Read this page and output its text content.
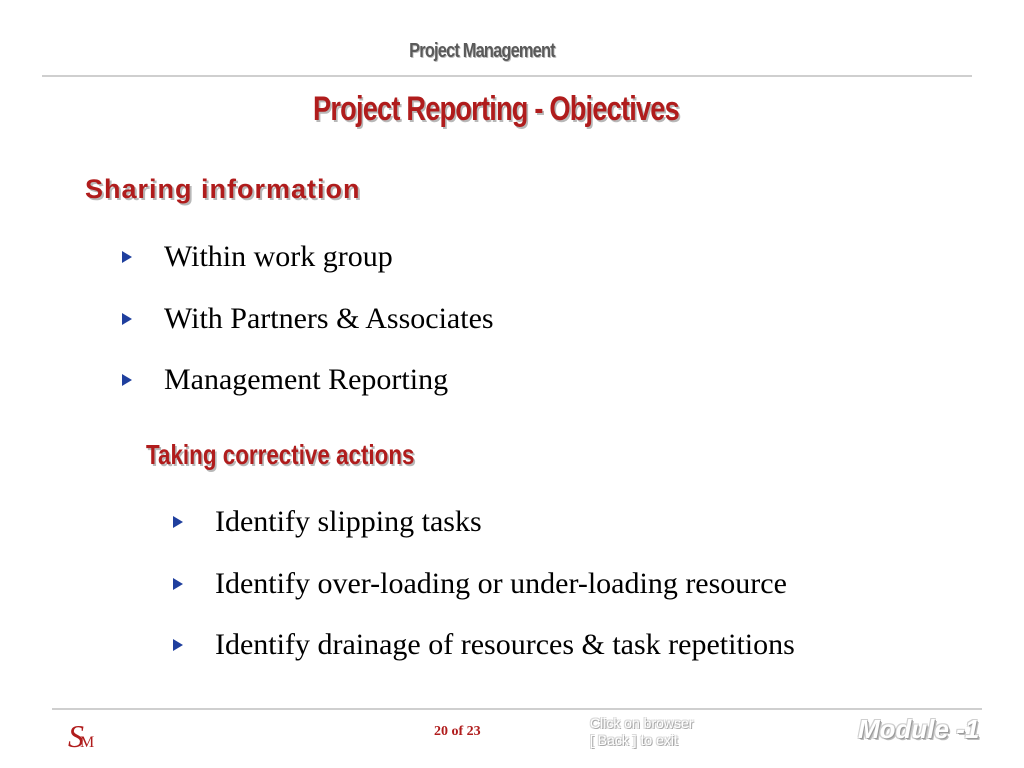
Project Management
Project Reporting - Objectives
Sharing information
Within work group
With Partners & Associates
Management Reporting
Taking corrective actions
Identify slipping tasks
Identify over-loading or under-loading resource
Identify drainage of resources & task repetitions
SM
20 of 23
Click on browser
[ Back ] to exit	Module -1
